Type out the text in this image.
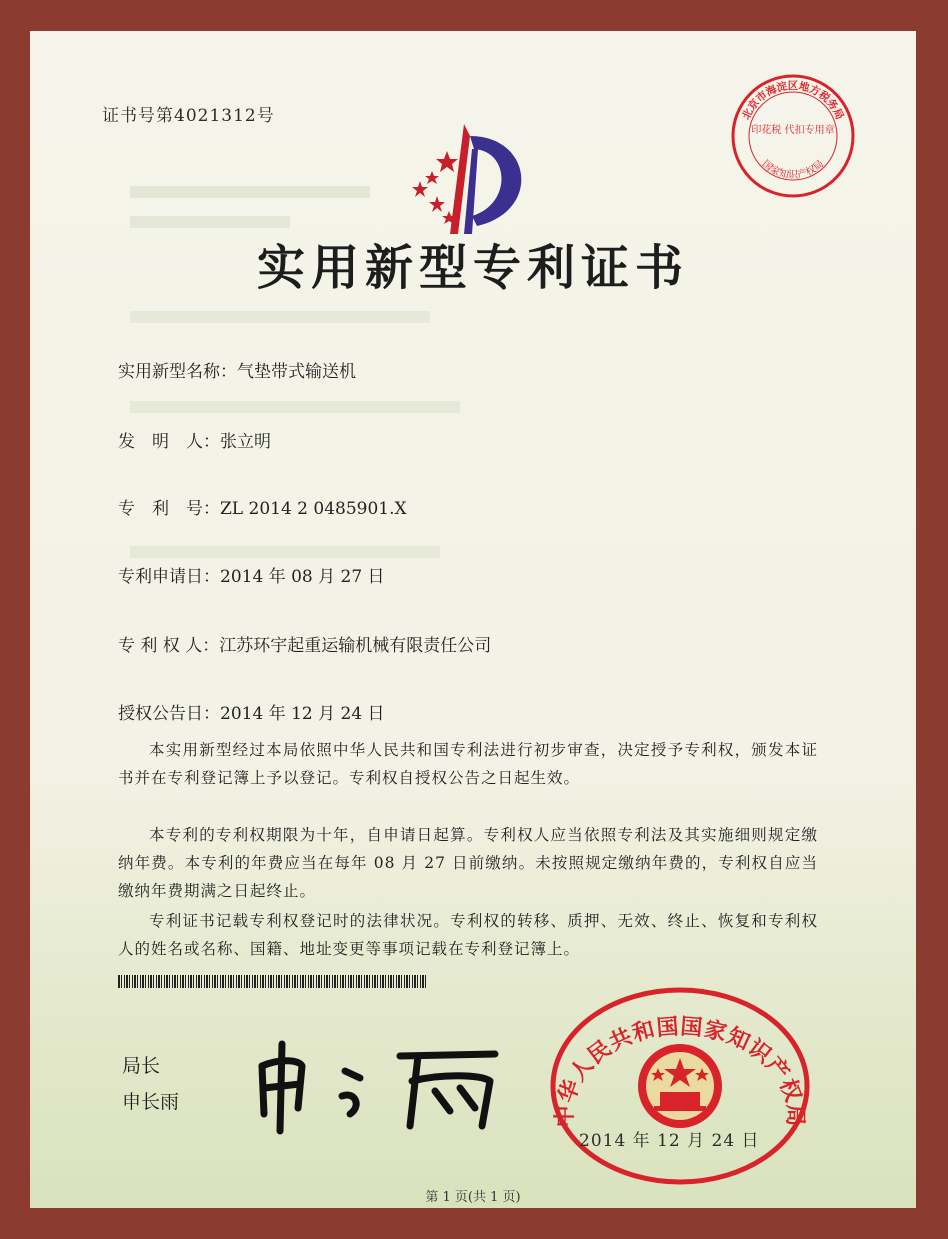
北京市海淀区地方税务局
印花税 代扣专用章
国家知识产权局
证书号第4021312号
实用新型专利证书
实用新型名称：气垫带式输送机
发　明　人：张立明
专　利　号：ZL 2014 2 0485901.X
专利申请日：2014 年 08 月 27 日
专 利 权 人：江苏环宇起重运输机械有限责任公司
授权公告日：2014 年 12 月 24 日
本实用新型经过本局依照中华人民共和国专利法进行初步审查，决定授予专利权，颁发本证书并在专利登记簿上予以登记。专利权自授权公告之日起生效。
本专利的专利权期限为十年，自申请日起算。专利权人应当依照专利法及其实施细则规定缴纳年费。本专利的年费应当在每年 08 月 27 日前缴纳。未按照规定缴纳年费的，专利权自应当缴纳年费期满之日起终止。
专利证书记载专利权登记时的法律状况。专利权的转移、质押、无效、终止、恢复和专利权人的姓名或名称、国籍、地址变更等事项记载在专利登记簿上。
局长
申长雨
中华人民共和国国家知识产权局
2014 年 12 月 24 日
第 1 页(共 1 页)
